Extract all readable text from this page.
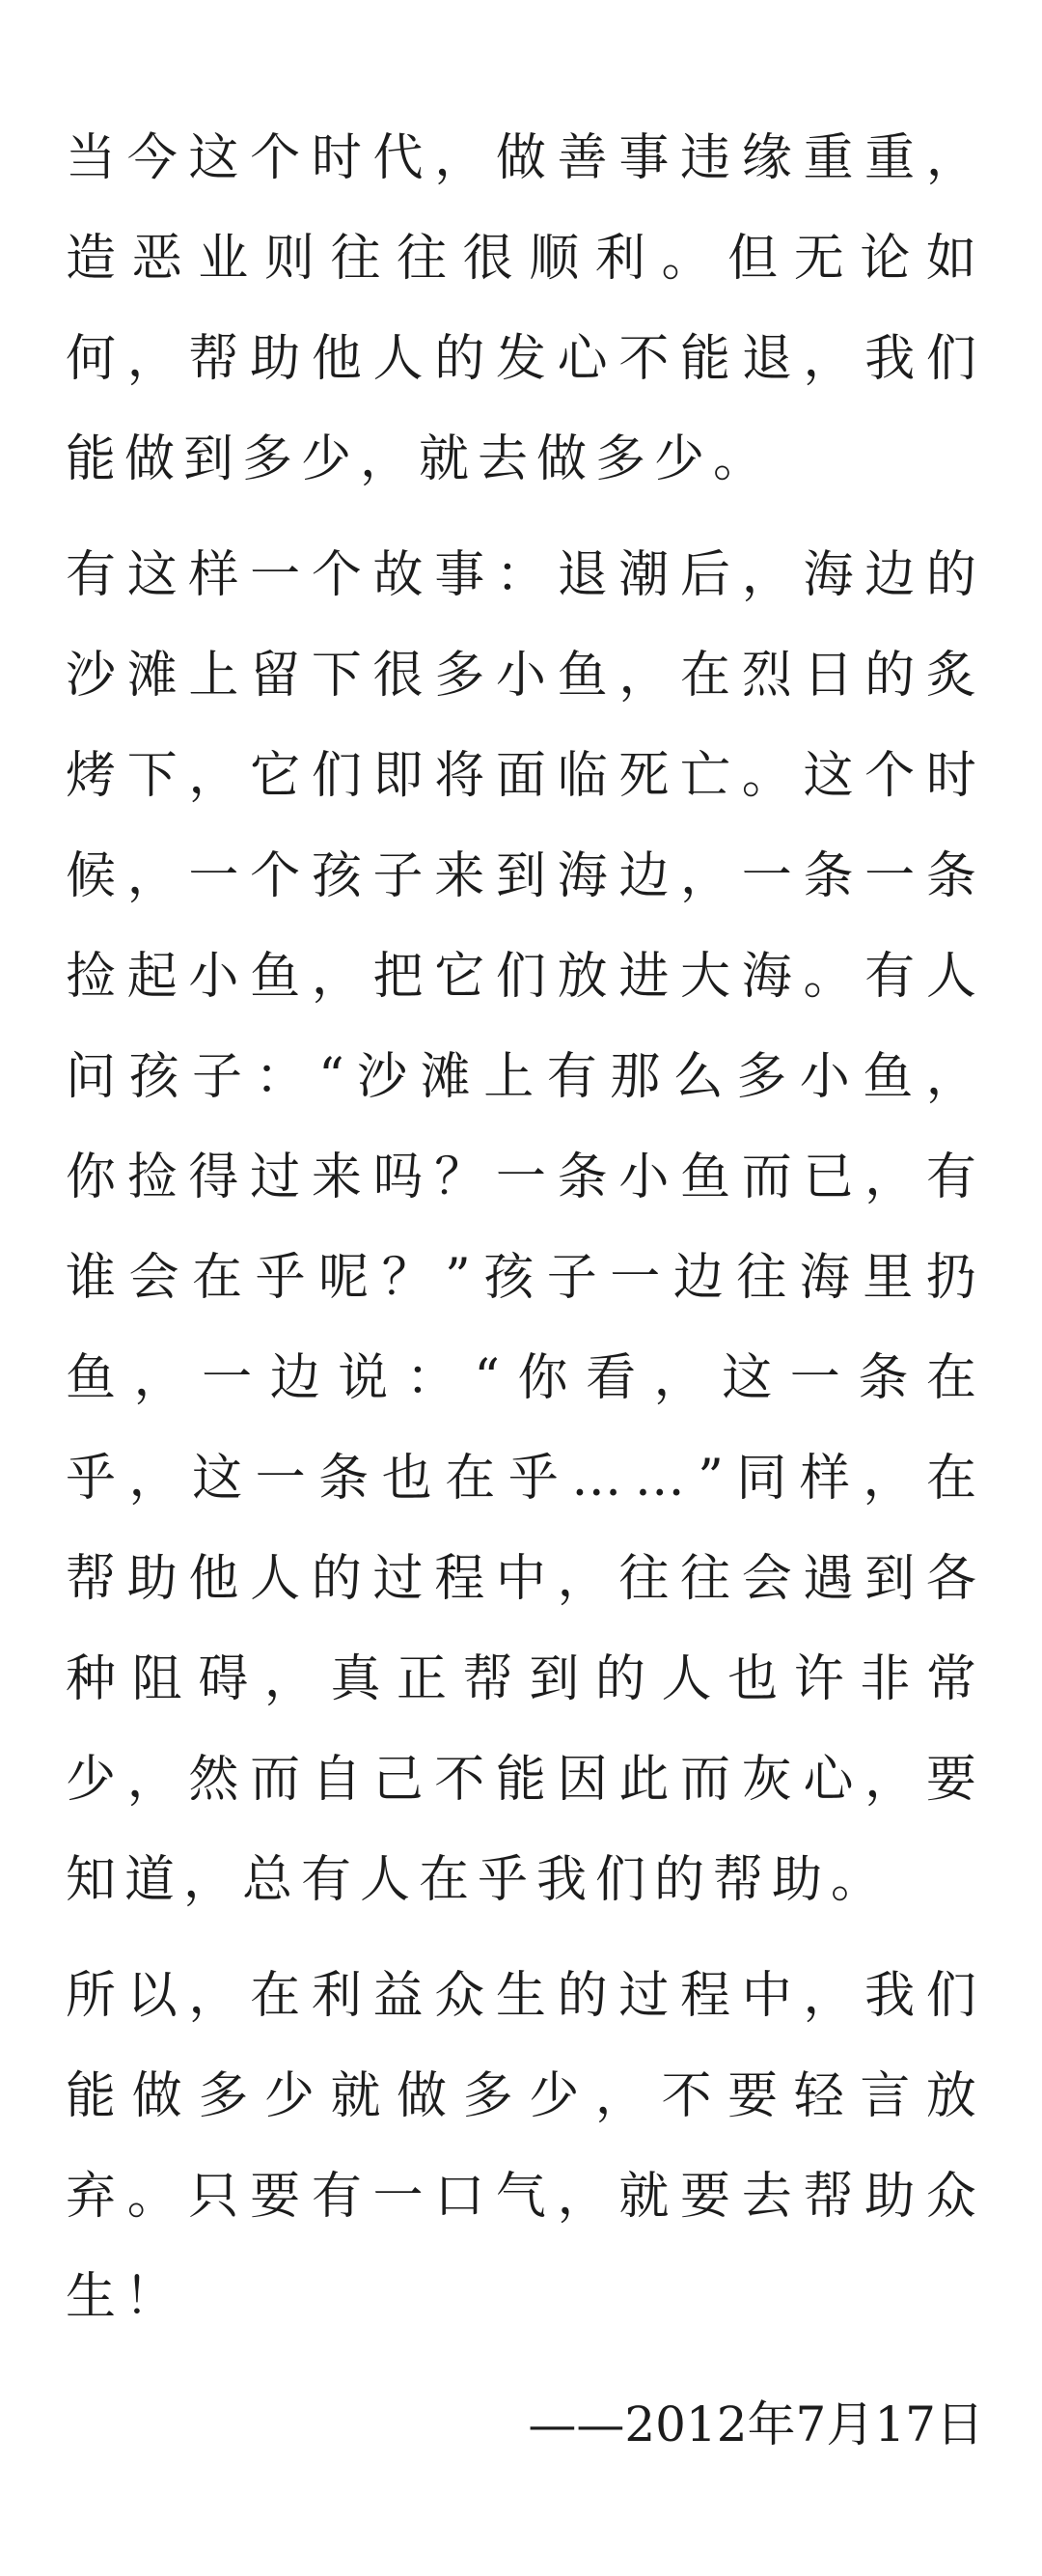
当 今 这 个 时 代 ， 做 善 事 违 缘 重 重 ，
造 恶 业 则 往 往 很 顺 利 。 但 无 论 如
何 ， 帮 助 他 人 的 发 心 不 能 退 ， 我 们
能做到多少，就去做多少。
有 这 样 一 个 故 事 ： 退 潮 后 ， 海 边 的
沙 滩 上 留 下 很 多 小 鱼 ， 在 烈 日 的 炙
烤 下 ， 它 们 即 将 面 临 死 亡 。 这 个 时
候 ， 一 个 孩 子 来 到 海 边 ， 一 条 一 条
捡 起 小 鱼 ， 把 它 们 放 进 大 海 。 有 人
问 孩 子 ： “ 沙 滩 上 有 那 么 多 小 鱼 ，
你 捡 得 过 来 吗 ？ 一 条 小 鱼 而 已 ， 有
谁 会 在 乎 呢 ？ ” 孩 子 一 边 往 海 里 扔
鱼 ， 一 边 说 ： “ 你 看 ， 这 一 条 在
乎 ， 这 一 条 也 在 乎 … … ” 同 样 ， 在
帮 助 他 人 的 过 程 中 ， 往 往 会 遇 到 各
种 阻 碍 ， 真 正 帮 到 的 人 也 许 非 常
少 ， 然 而 自 己 不 能 因 此 而 灰 心 ， 要
知道，总有人在乎我们的帮助。
所 以 ， 在 利 益 众 生 的 过 程 中 ， 我 们
能 做 多 少 就 做 多 少 ， 不 要 轻 言 放
弃 。 只 要 有 一 口 气 ， 就 要 去 帮 助 众
生！
——2012年7月17日
